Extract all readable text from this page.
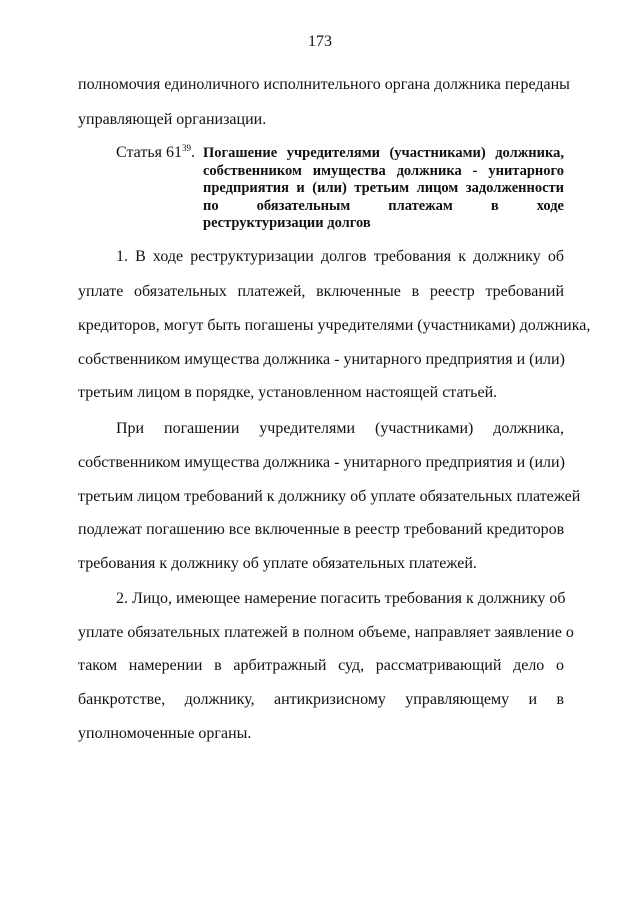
173
полномочия единоличного исполнительного органа должника переданы
управляющей организации.
Статья $61^{39}$. Погашение учредителями (участниками) должника,
собственником имущества должника - унитарного
предприятия и (или) третьим лицом задолженности
по обязательным платежам в ходе
реструктуризации долгов
1. В ходе реструктуризации долгов требования к должнику об
уплате обязательных платежей, включенные в реестр требований
кредиторов, могут быть погашены учредителями (участниками) должника,
собственником имущества должника - унитарного предприятия и (или)
третьим лицом в порядке, установленном настоящей статьей.
При погашении учредителями (участниками) должника,
собственником имущества должника - унитарного предприятия и (или)
третьим лицом требований к должнику об уплате обязательных платежей
подлежат погашению все включенные в реестр требований кредиторов
требования к должнику об уплате обязательных платежей.
2. Лицо, имеющее намерение погасить требования к должнику об
уплате обязательных платежей в полном объеме, направляет заявление о
таком намерении в арбитражный суд, рассматривающий дело о
банкротстве, должнику, антикризисному управляющему и в
уполномоченные органы.
